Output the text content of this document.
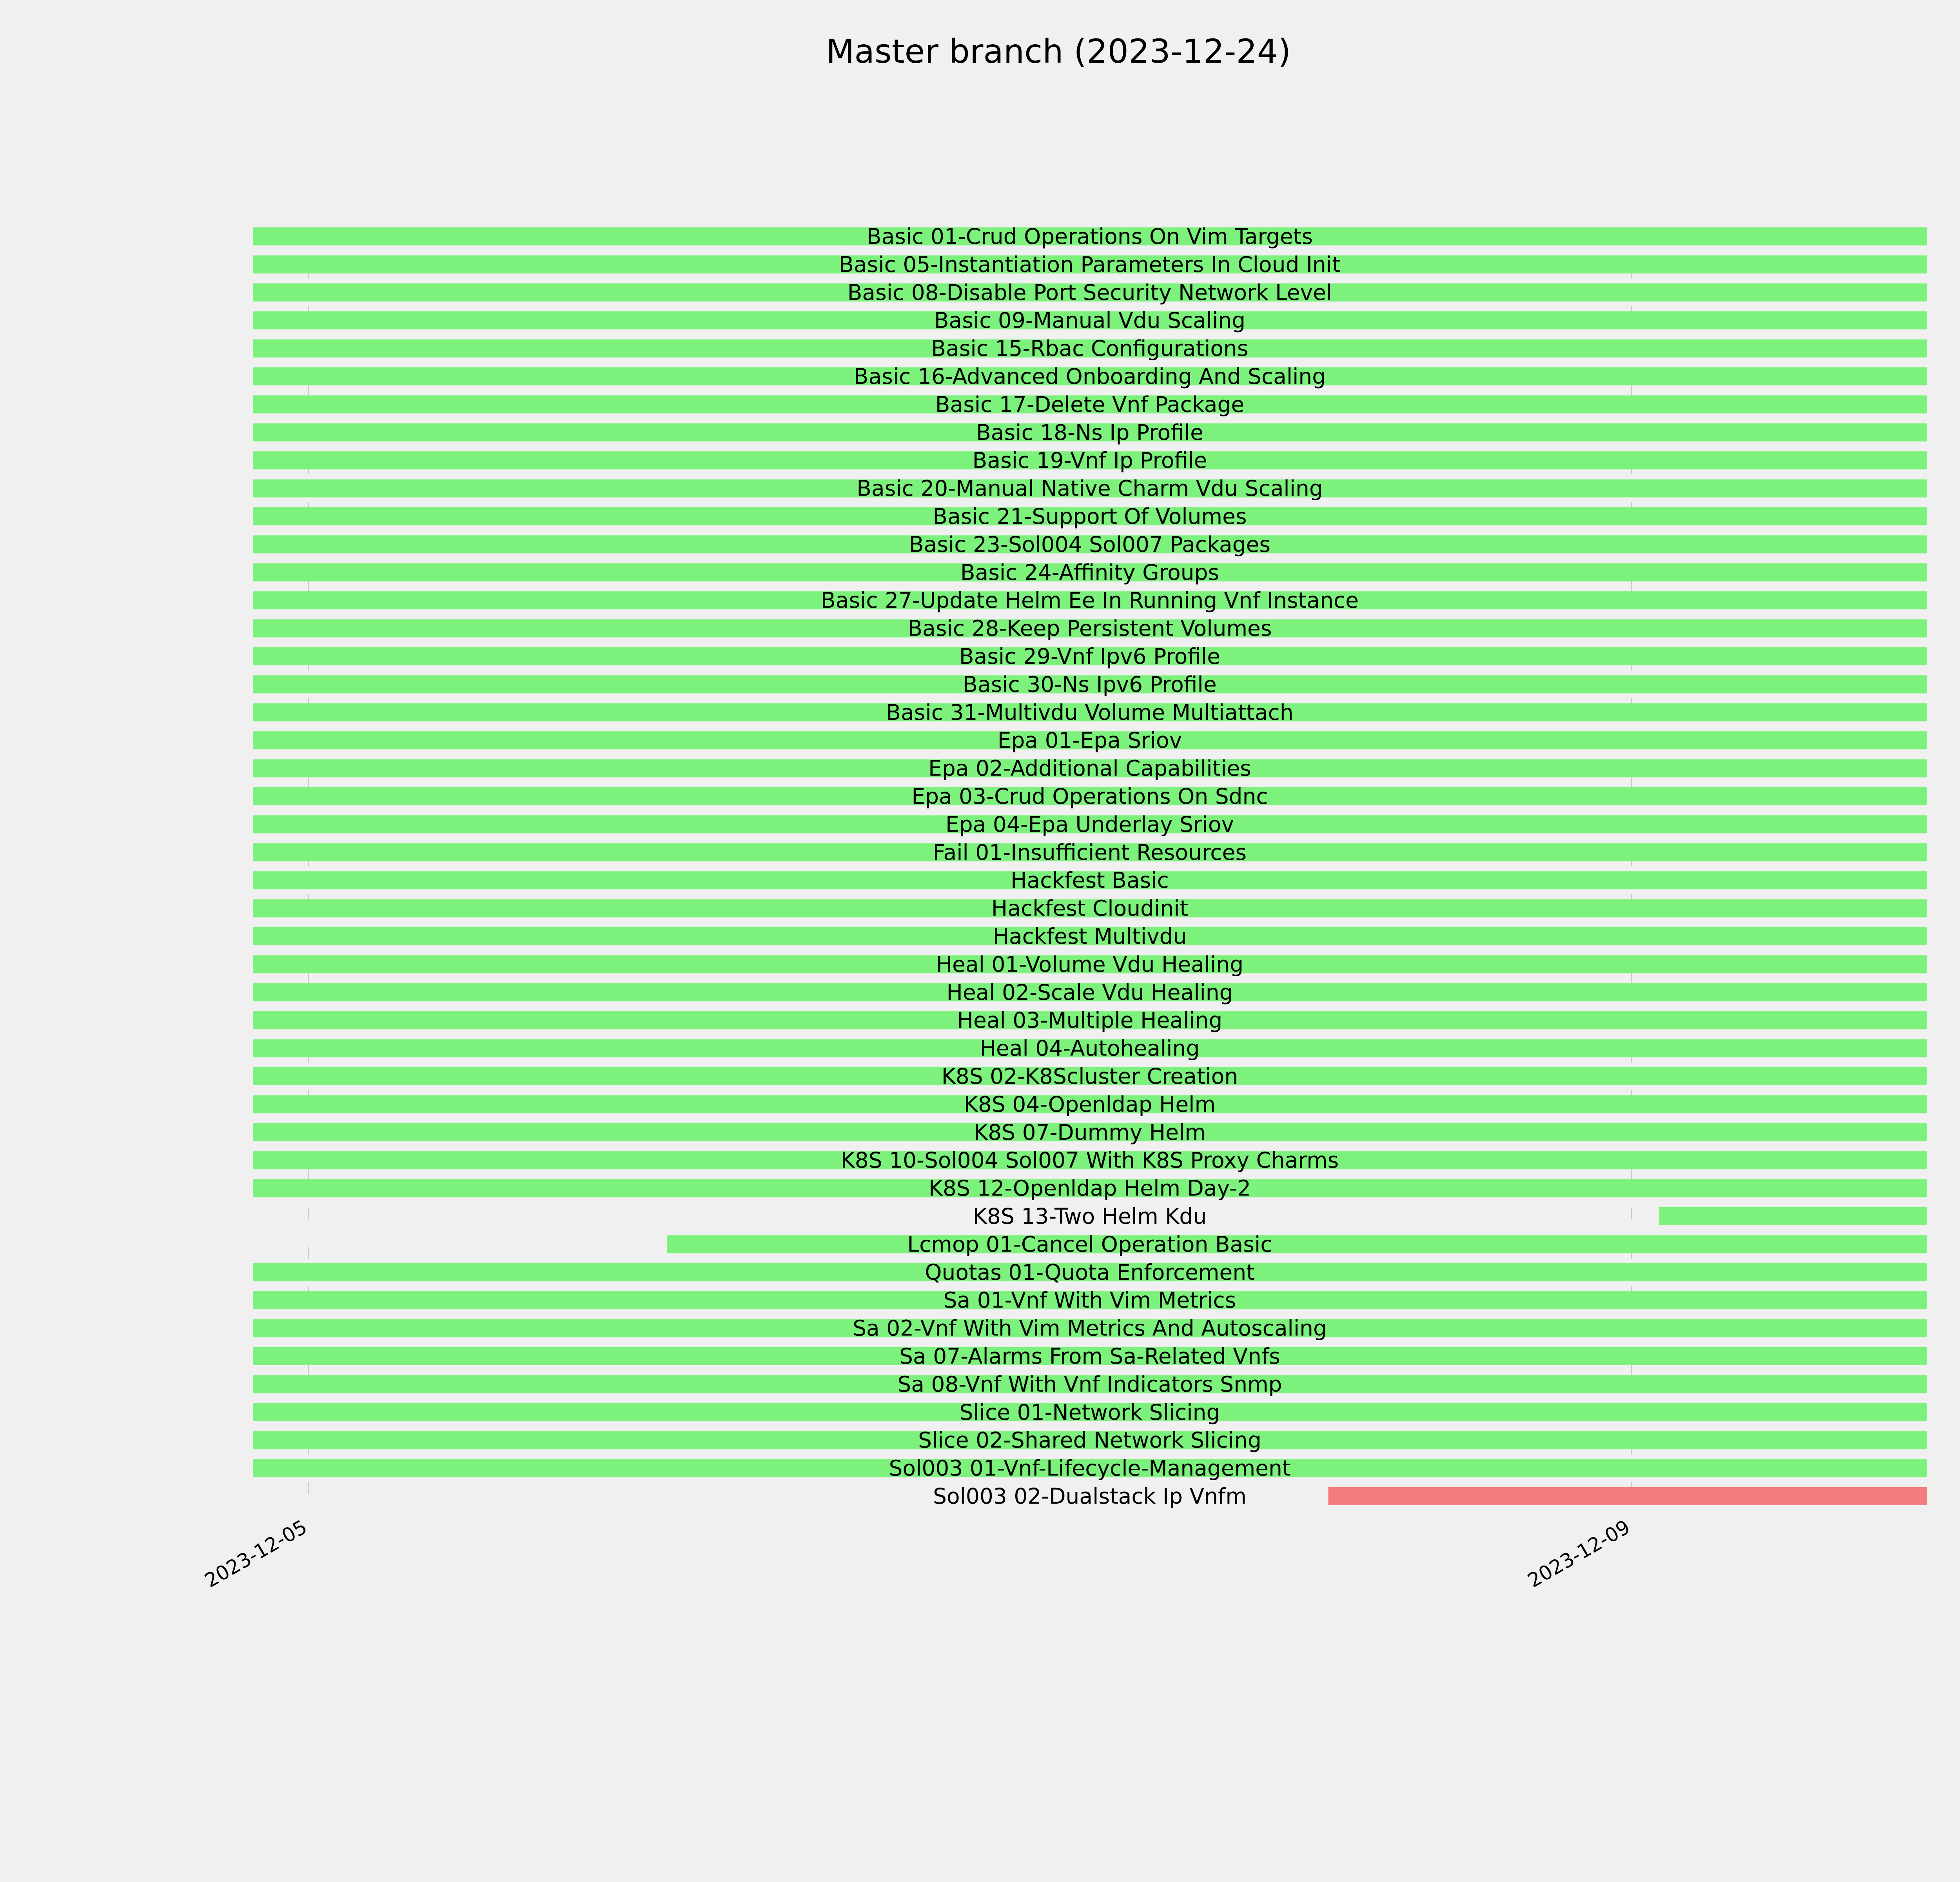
Master branch (2023-12-24)
Basic 01-Crud Operations On Vim Targets
Basic 05-Instantiation Parameters In Cloud Init
Basic 08-Disable Port Security Network Level
Basic 09-Manual Vdu Scaling
Basic 15-Rbac Configurations
Basic 16-Advanced Onboarding And Scaling
Basic 17-Delete Vnf Package
Basic 18-Ns Ip Profile
Basic 19-Vnf Ip Profile
Basic 20-Manual Native Charm Vdu Scaling
Basic 21-Support Of Volumes
Basic 23-Sol004 Sol007 Packages
Basic 24-Affinity Groups
Basic 27-Update Helm Ee In Running Vnf Instance
Basic 28-Keep Persistent Volumes
Basic 29-Vnf Ipv6 Profile
Basic 30-Ns Ipv6 Profile
Basic 31-Multivdu Volume Multiattach
Epa 01-Epa Sriov
Epa 02-Additional Capabilities
Epa 03-Crud Operations On Sdnc
Epa 04-Epa Underlay Sriov
Fail 01-Insufficient Resources
Hackfest Basic
Hackfest Cloudinit
Hackfest Multivdu
Heal 01-Volume Vdu Healing
Heal 02-Scale Vdu Healing
Heal 03-Multiple Healing
Heal 04-Autohealing
K8S 02-K8Scluster Creation
K8S 04-Openldap Helm
K8S 07-Dummy Helm
K8S 10-Sol004 Sol007 With K8S Proxy Charms
K8S 12-Openldap Helm Day-2
K8S 13-Two Helm Kdu
Lcmop 01-Cancel Operation Basic
Quotas 01-Quota Enforcement
Sa 01-Vnf With Vim Metrics
Sa 02-Vnf With Vim Metrics And Autoscaling
Sa 07-Alarms From Sa-Related Vnfs
Sa 08-Vnf With Vnf Indicators Snmp
Slice 01-Network Slicing
Slice 02-Shared Network Slicing
Sol003 01-Vnf-Lifecycle-Management
Sol003 02-Dualstack Ip Vnfm
2023-12-05	2023-12-09
